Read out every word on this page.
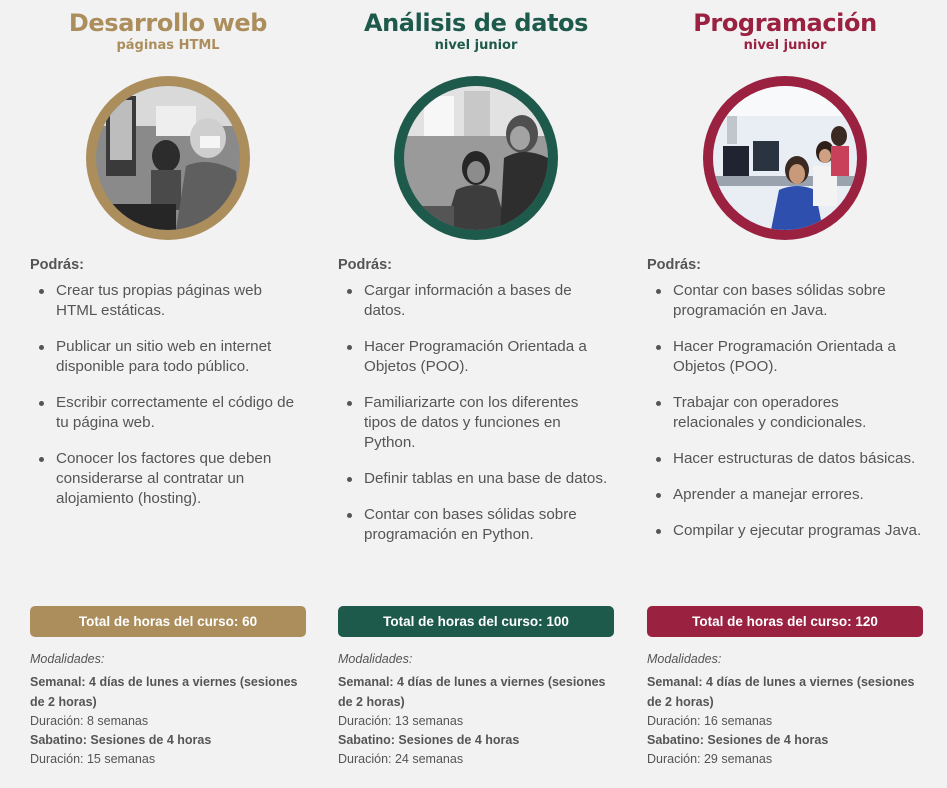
Desarrollo web
páginas HTML
Podrás:
Crear tus propias páginas web HTML estáticas.
Publicar un sitio web en internet disponible para todo público.
Escribir correctamente el código de tu página web.
Conocer los factores que deben considerarse al contratar un alojamiento (hosting).
Total de horas del curso: 60
Modalidades:
Semanal: 4 días de lunes a viernes (sesiones de 2 horas)
Duración: 8 semanas
Sabatino: Sesiones de 4 horas
Duración: 15 semanas
Análisis de datos
nivel junior
Podrás:
Cargar información a bases de datos.
Hacer Programación Orientada a Objetos (POO).
Familiarizarte con los diferentes tipos de datos y funciones en Python.
Definir tablas en una base de datos.
Contar con bases sólidas sobre programación en Python.
Total de horas del curso: 100
Modalidades:
Semanal: 4 días de lunes a viernes (sesiones de 2 horas)
Duración: 13 semanas
Sabatino: Sesiones de 4 horas
Duración: 24 semanas
Programación
nivel junior
Podrás:
Contar con bases sólidas sobre programación en Java.
Hacer Programación Orientada a Objetos (POO).
Trabajar con operadores relacionales y condicionales.
Hacer estructuras de datos básicas.
Aprender a manejar errores.
Compilar y ejecutar programas Java.
Total de horas del curso: 120
Modalidades:
Semanal: 4 días de lunes a viernes (sesiones de 2 horas)
Duración: 16 semanas
Sabatino: Sesiones de 4 horas
Duración: 29 semanas
